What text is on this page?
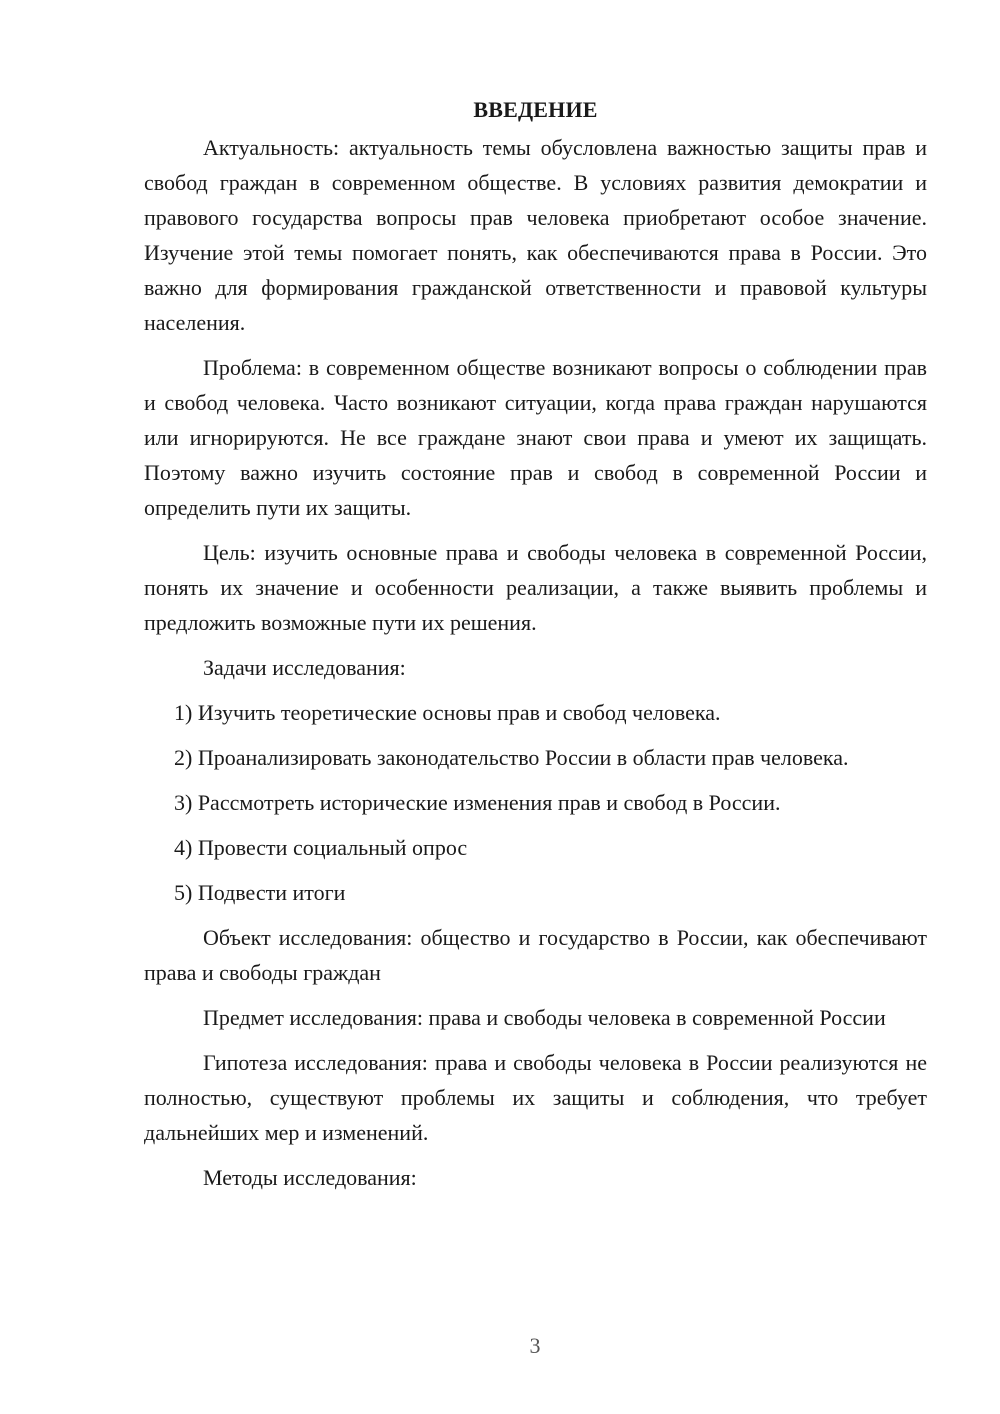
ВВЕДЕНИЕ

Актуальность: актуальность темы обусловлена важностью защиты прав и свобод граждан в современном обществе. В условиях развития демократии и правового государства вопросы прав человека приобретают особое значение. Изучение этой темы помогает понять, как обеспечиваются права в России. Это важно для формирования гражданской ответственности и правовой культуры населения.

Проблема: в современном обществе возникают вопросы о соблюдении прав и свобод человека. Часто возникают ситуации, когда права граждан нарушаются или игнорируются. Не все граждане знают свои права и умеют их защищать. Поэтому важно изучить состояние прав и свобод в современной России и определить пути их защиты.

Цель: изучить основные права и свободы человека в современной России, понять их значение и особенности реализации, а также выявить проблемы и предложить возможные пути их решения.

Задачи исследования:

1) Изучить теоретические основы прав и свобод человека.

2) Проанализировать законодательство России в области прав человека.

3) Рассмотреть исторические изменения прав и свобод в России.

4) Провести социальный опрос

5) Подвести итоги

Объект исследования: общество и государство в России, как обеспечивают права и свободы граждан

Предмет исследования: права и свободы человека в современной России

Гипотеза исследования: права и свободы человека в России реализуются не полностью, существуют проблемы их защиты и соблюдения, что требует дальнейших мер и изменений.

Методы исследования:

3
